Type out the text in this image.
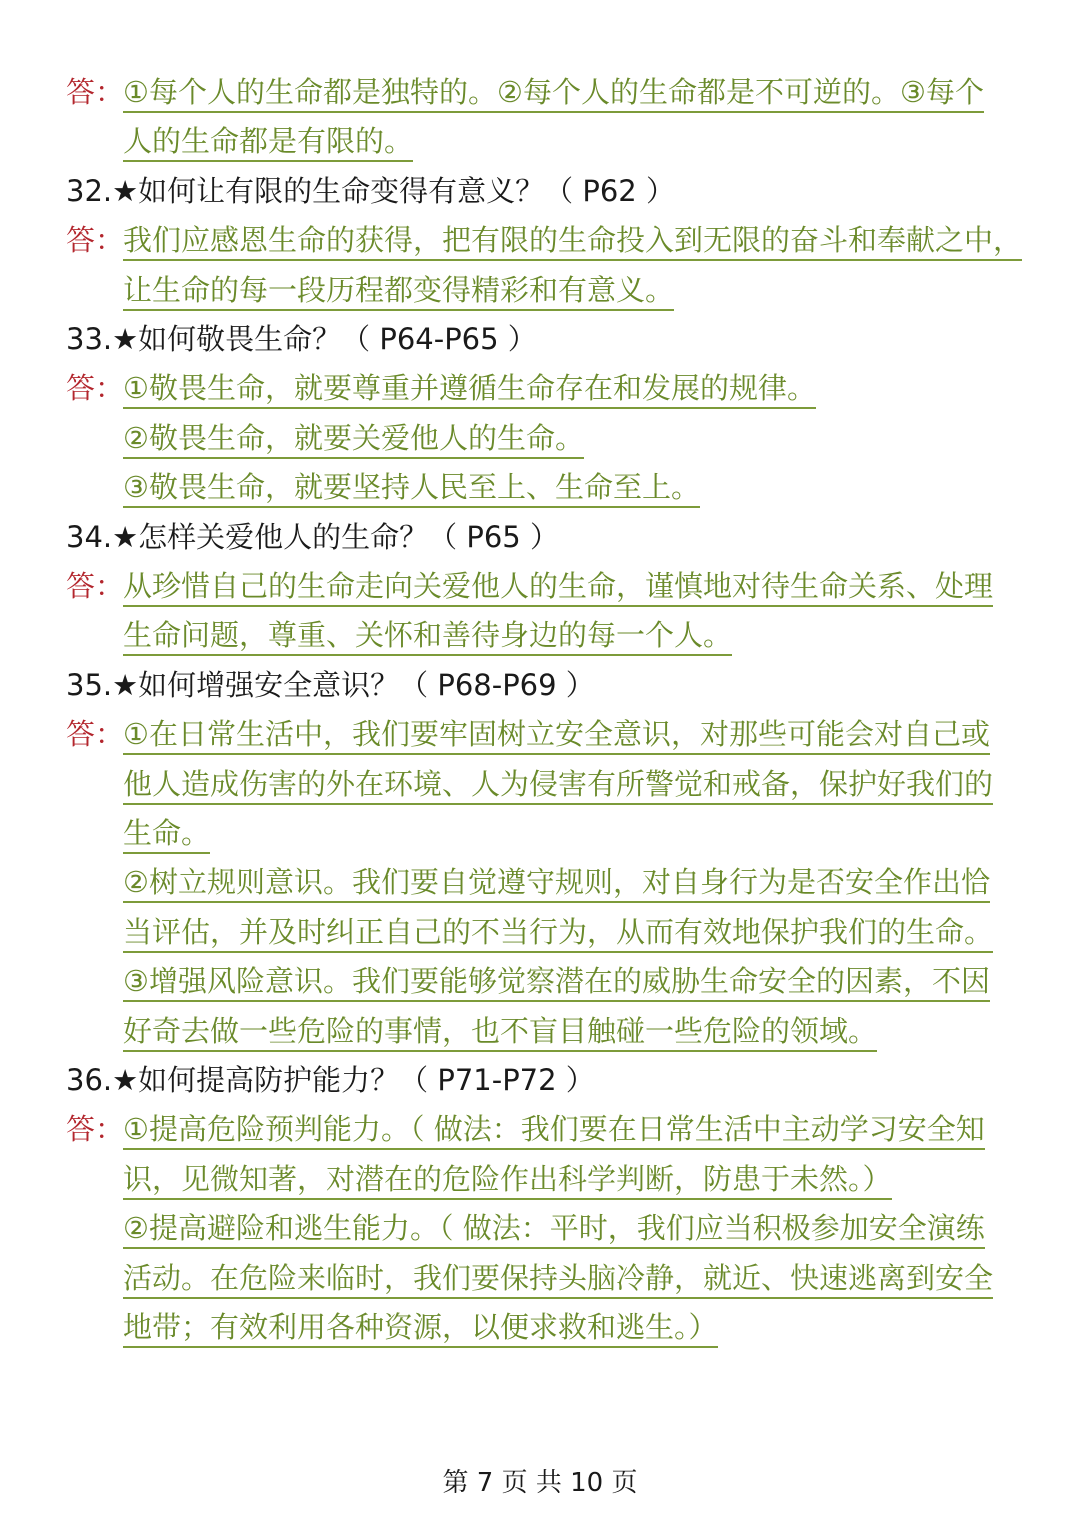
答：
①每个人的生命都是独特的。②每个人的生命都是不可逆的。③每个
人的生命都是有限的。
32.★如何让有限的生命变得有意义？（ P62 ）
答：
我们应感恩生命的获得，把有限的生命投入到无限的奋斗和奉献之中，
让生命的每一段历程都变得精彩和有意义。
33.★如何敬畏生命？（ P64-P65 ）
答：
①敬畏生命，就要尊重并遵循生命存在和发展的规律。
②敬畏生命，就要关爱他人的生命。
③敬畏生命，就要坚持人民至上、生命至上。
34.★怎样关爱他人的生命？（ P65 ）
答：
从珍惜自己的生命走向关爱他人的生命，谨慎地对待生命关系、处理
生命问题，尊重、关怀和善待身边的每一个人。
35.★如何增强安全意识？（ P68-P69 ）
答：
①在日常生活中，我们要牢固树立安全意识，对那些可能会对自己或
他人造成伤害的外在环境、人为侵害有所警觉和戒备，保护好我们的
生命。
②树立规则意识。我们要自觉遵守规则，对自身行为是否安全作出恰
当评估，并及时纠正自己的不当行为，从而有效地保护我们的生命。
③增强风险意识。我们要能够觉察潜在的威胁生命安全的因素，不因
好奇去做一些危险的事情，也不盲目触碰一些危险的领域。
36.★如何提高防护能力？（ P71-P72 ）
答：
①提高危险预判能力。（ 做法：我们要在日常生活中主动学习安全知
识，见微知著，对潜在的危险作出科学判断，防患于未然。）
②提高避险和逃生能力。（ 做法：平时，我们应当积极参加安全演练
活动。在危险来临时，我们要保持头脑冷静，就近、快速逃离到安全
地带；有效利用各种资源，以便求救和逃生。）
第 7 页 共 10 页
